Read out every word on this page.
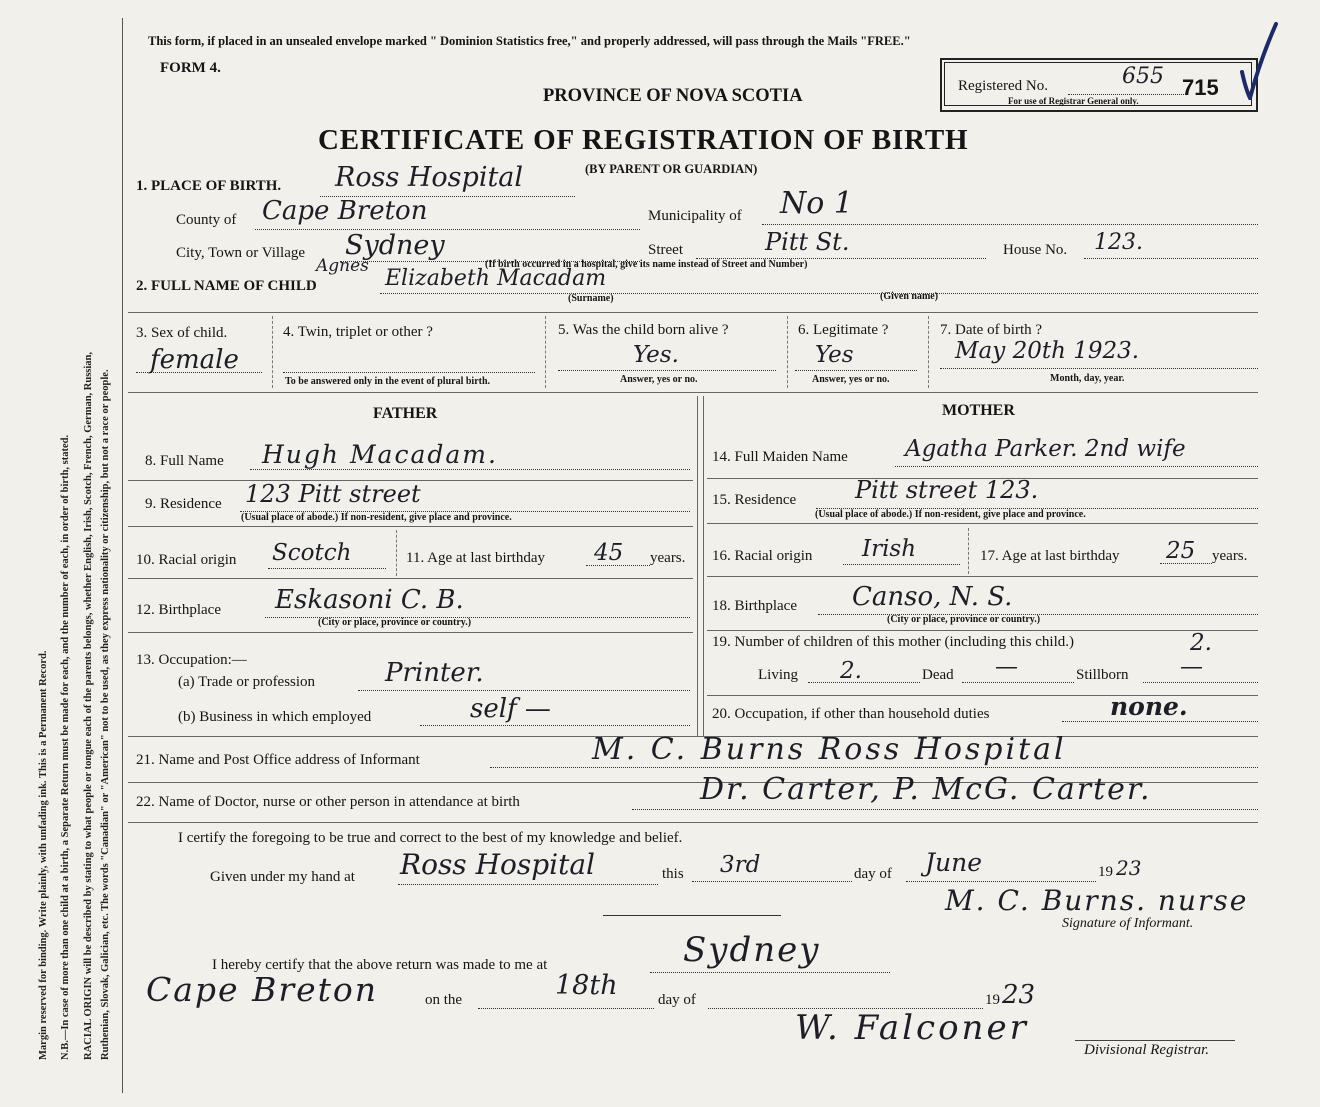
Margin reserved for binding. Write plainly, with unfading ink. This is a Permanent Record. N.B.—In case of more than one child at a birth, a Separate Return must be made for each, and the number of each, in order of birth, stated. RACIAL ORIGIN will be described by stating to what people or tongue each of the parents belongs, whether English, Irish, Scotch, French, German, Russian, Ruthenian, Slovak, Galician, etc. The words "Canadian" or "American" not to be used, as they express nationality or citizenship, but not a race or people.
This form, if placed in an unsealed envelope marked " Dominion Statistics free," and properly addressed, will pass through the Mails "FREE."
FORM 4.
PROVINCE OF NOVA SCOTIA
CERTIFICATE OF REGISTRATION OF BIRTH
(BY PARENT OR GUARDIAN)
Registered No.	655 715
For use of Registrar General only.
1. PLACE OF BIRTH. Ross Hospital
County of Cape Breton	Municipality of No 1
City, Town or Village Sydney	Street	Pitt St.	House No. 123.
(If birth occurred in a hospital, give its name instead of Street and Number)
2. FULL NAME OF CHILD
Agnes Elizabeth Macadam
(Surname)	(Given name)
3. Sex of child.
female
4. Twin, triplet or other ?
To be answered only in the event of plural birth.
5. Was the child born alive ?
Yes.
Answer, yes or no.
6. Legitimate ?
Yes
Answer, yes or no.
7. Date of birth ?
May 20th 1923.
Month, day, year.
FATHER	MOTHER
8. Full Name Hugh Macadam.	14. Full Maiden Name Agatha Parker. 2nd wife
9. Residence 123 Pitt street
(Usual place of abode.) If non-resident, give place and province.
15. Residence Pitt street 123.
(Usual place of abode.) If non-resident, give place and province.
10. Racial origin Scotch	11. Age at last birthday 45 years. 16. Racial origin Irish	17. Age at last birthday 25 years.
12. Birthplace Eskasoni C. B.
(City or place, province or country.)
18. Birthplace Canso, N. S.
(City or place, province or country.)
13. Occupation:—
(a) Trade or profession	Printer.
(b) Business in which employed	self —
19. Number of children of this mother (including this child.)	2.
Living 2.	Dead —	Stillborn —
20. Occupation, if other than household duties	none.
21. Name and Post Office address of Informant	M. C. Burns Ross Hospital
22. Name of Doctor, nurse or other person in attendance at birth	Dr. Carter, P. McG. Carter.
I certify the foregoing to be true and correct to the best of my knowledge and belief.
Given under my hand at Ross Hospital	this 3rd	day of June	19 23
M. C. Burns. nurse
Signature of Informant.
I hereby certify that the above return was made to me at	Sydney
Cape Breton	on the	18th	day of	19 23
W. Falconer
Divisional Registrar.
